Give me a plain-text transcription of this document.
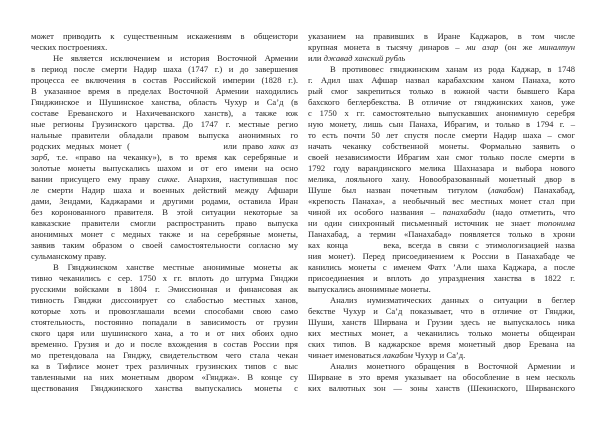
может приводить к существенным искажениям в общеистори
ческих построениях.
Не является исключением и история Восточной Армении
в период после смерти Надир шаха (1747 г.) и до завершения
процесса ее включения в состав Российской империи (1828 г.).
В указанное время в пределах Восточной Армении находились
Гянджинское и Шушинское ханства, область Чухур и Са’д (в
составе Ереванского и Нахичеванского ханств), а также юж
ные регионы Грузинского царства. До 1747 г. местные регио
нальные правители обладали правом выпуска анонимных го
родских медных монет (	или право хакк аз
зарб, т.е. «право на чеканку»), в то время как серебряные и
золотые монеты выпускались шахом и от его имени на осно
вании присущего ему праву сикке. Анархия, наступившая пос
ле смерти Надир шаха и военных действий между Афшари
дами, Зендами, Каджарами и другими родами, оставила Иран
без коронованного правителя. В этой ситуации некоторые за
кавказские правители смогли распространить право выпуска
анонимных монет с медных также и на серебряные монеты,
заявив таким образом о своей самостоятельности согласно му
сульманскому праву.
В Гянджинском ханстве местные анонимные монеты ак
тивно чеканились с сер. 1750 х гг. вплоть до штурма Гянджи
русскими войсками в 1804 г. Эмиссионная и финансовая ак
тивность Гянджи диссонирует со слабостью местных ханов,
которые хоть и провозглашали всеми способами свою само
стоятельность, постоянно попадали в зависимость от грузин
ского царя или шушинского хана, а то и от них обоих одно
временно. Грузия и до и после вхождения в состав России пря
мо претендовала на Гянджу, свидетельством чего стала чекан
ка в Тифлисе монет трех различных грузинских типов с выс
тавленными на них монетным двором «Гянджа». В конце су
ществования Гянджинского ханства выпускались монеты с
указанием на правивших в Иране Каджаров, в том числе
крупная монета в тысячу динаров – ми азар (он же миналтун
или джавад ханский рубль
В противовес гянджинским ханам из рода Каджар, в 1748
г. Адил шах Афшар назвал карабахским ханом Панаха, кото
рый смог закрепиться только в южной части бывшего Кара
бахского беглербекства. В отличие от гянджинских ханов, уже
с 1750 х гг. самостоятельно выпускавших анонимную серебря
ную монету, лишь сын Панаха, Ибрагим, и только в 1794 г. –
то есть почти 50 лет спустя после смерти Надир шаха – смог
начать чеканку собственной монеты. Формально заявить о
своей независимости Ибрагим хан смог только после смерти в
1792 году варандинского мелика Шахназара и выбора нового
мелика, лояльного хану. Новообразованный монетный двор в
Шуше был назван почетным титулом (лакабом) Панахабад,
«крепость Панаха», а необычный вес местных монет стал при
чиной их особого названия – панахабади (надо отметить, что
ни один синхронный письменный источник не знает топонима
Панахабад, а термин «Панахабад» появляется только в хрони
ках конца	века, всегда в связи с этимологизацией назва
ния монет). Перед присоединением к России в Панахабаде че
канились монеты с именем Фатх ’Али шаха Каджара, а после
присоединения и вплоть до упразднения ханства в 1822 г.
выпускались анонимные монеты.
Анализ нумизматических данных о ситуации в беглер
бекстве Чухур и Са’д показывает, что в отличие от Гянджи,
Шуши, ханств Ширвана и Грузии здесь не выпускалось ника
ких местных монет, а чеканились только монеты общеиран
ских типов. В каджарское время монетный двор Еревана на
чинает именоваться лакабом Чухур и Са’д.
Анализ монетного обращения в Восточной Армении и
Ширване в это время указывает на обособление в нем несколь
ких валютных зон — зоны ханств (Шекинского, Ширванского
